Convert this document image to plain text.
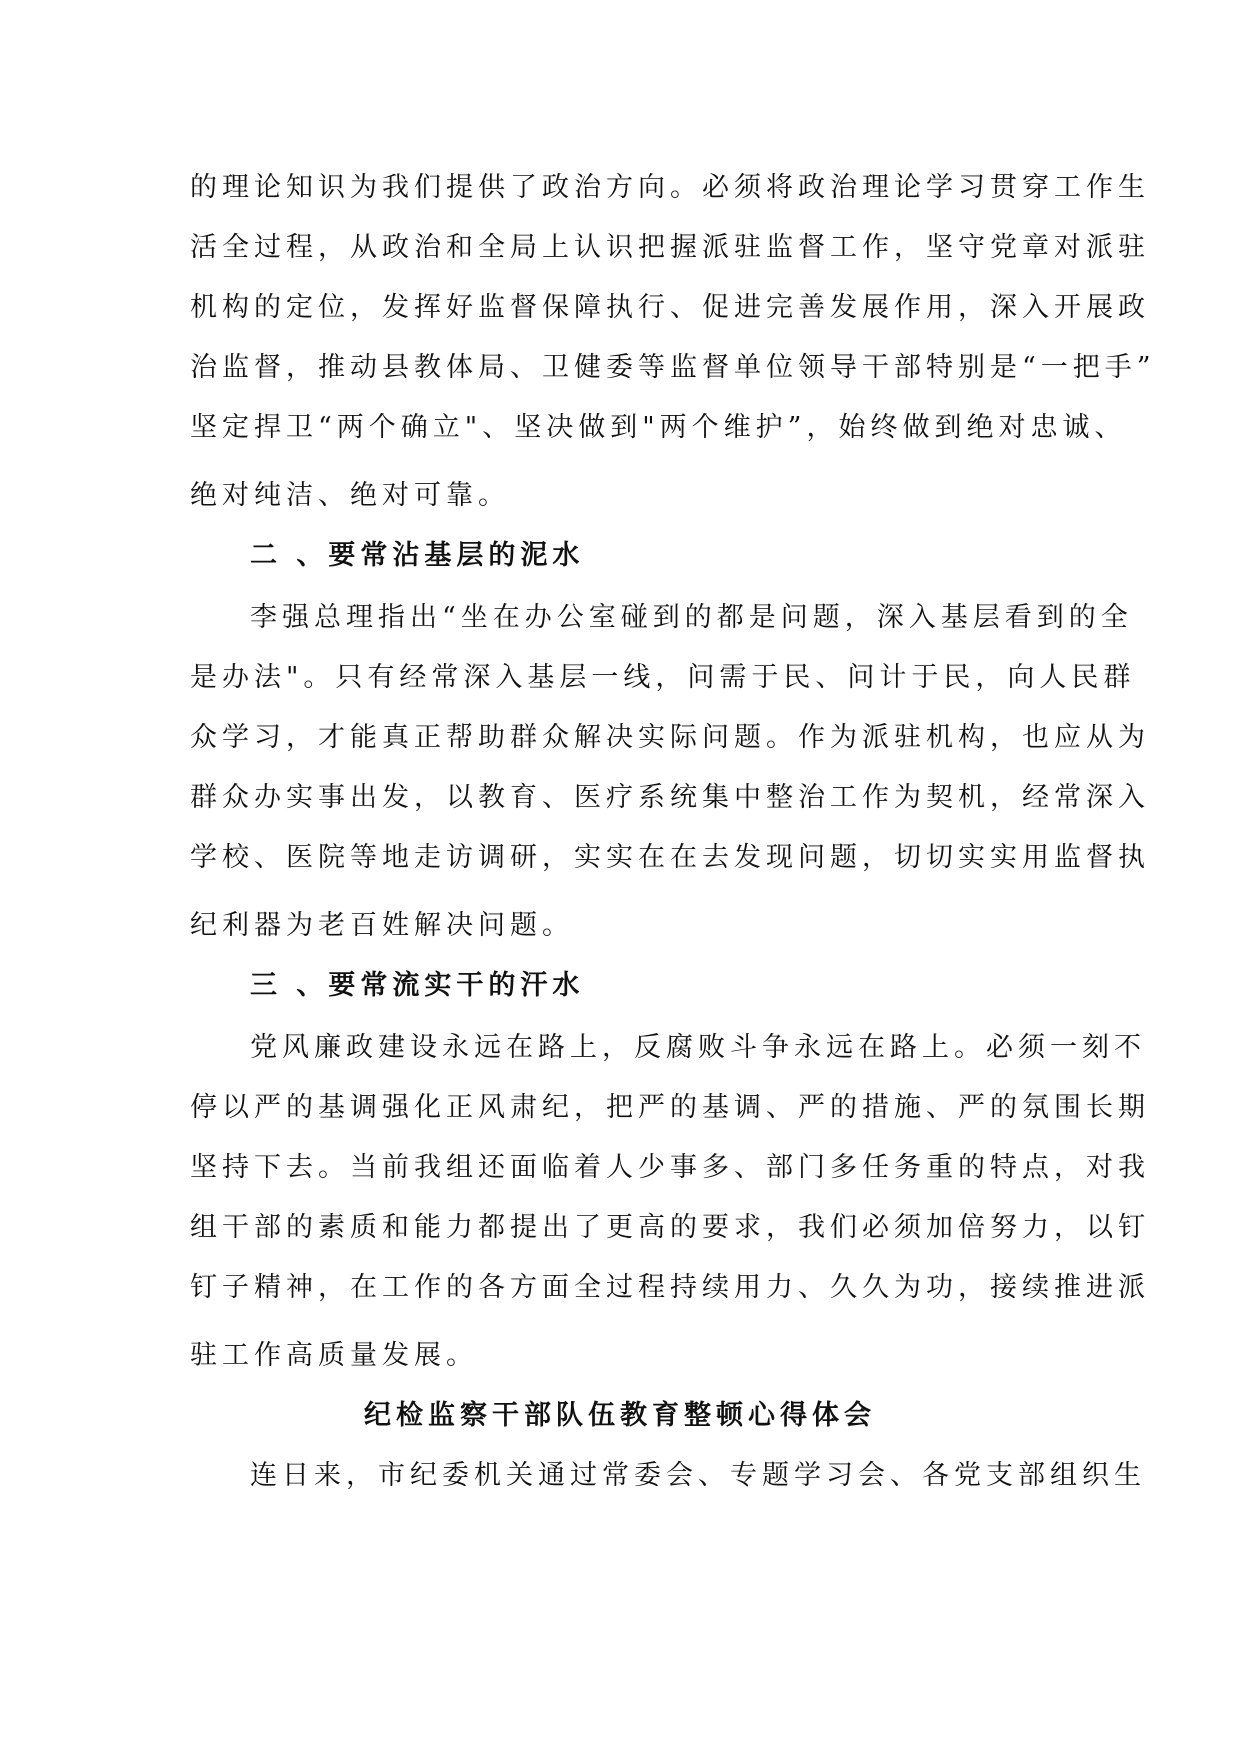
的理论知识为我们提供了政治方向。必须将政治理论学习贯穿工作生
活全过程，从政治和全局上认识把握派驻监督工作，坚守党章对派驻
机构的定位，发挥好监督保障执行、促进完善发展作用，深入开展政
治监督，推动县教体局、卫健委等监督单位领导干部特别是“一把手”
坚定捍卫“两个确立"、坚决做到"两个维护”，始终做到绝对忠诚、
绝对纯洁、绝对可靠。
二 、要常沾基层的泥水
李强总理指出“坐在办公室碰到的都是问题，深入基层看到的全
是办法"。只有经常深入基层一线，问需于民、问计于民，向人民群
众学习，才能真正帮助群众解决实际问题。作为派驻机构，也应从为
群众办实事出发，以教育、医疗系统集中整治工作为契机，经常深入
学校、医院等地走访调研，实实在在去发现问题，切切实实用监督执
纪利器为老百姓解决问题。
三 、要常流实干的汗水
党风廉政建设永远在路上，反腐败斗争永远在路上。必须一刻不
停以严的基调强化正风肃纪，把严的基调、严的措施、严的氛围长期
坚持下去。当前我组还面临着人少事多、部门多任务重的特点，对我
组干部的素质和能力都提出了更高的要求，我们必须加倍努力，以钉
钉子精神，在工作的各方面全过程持续用力、久久为功，接续推进派
驻工作高质量发展。
纪检监察干部队伍教育整顿心得体会
连日来，市纪委机关通过常委会、专题学习会、各党支部组织生
